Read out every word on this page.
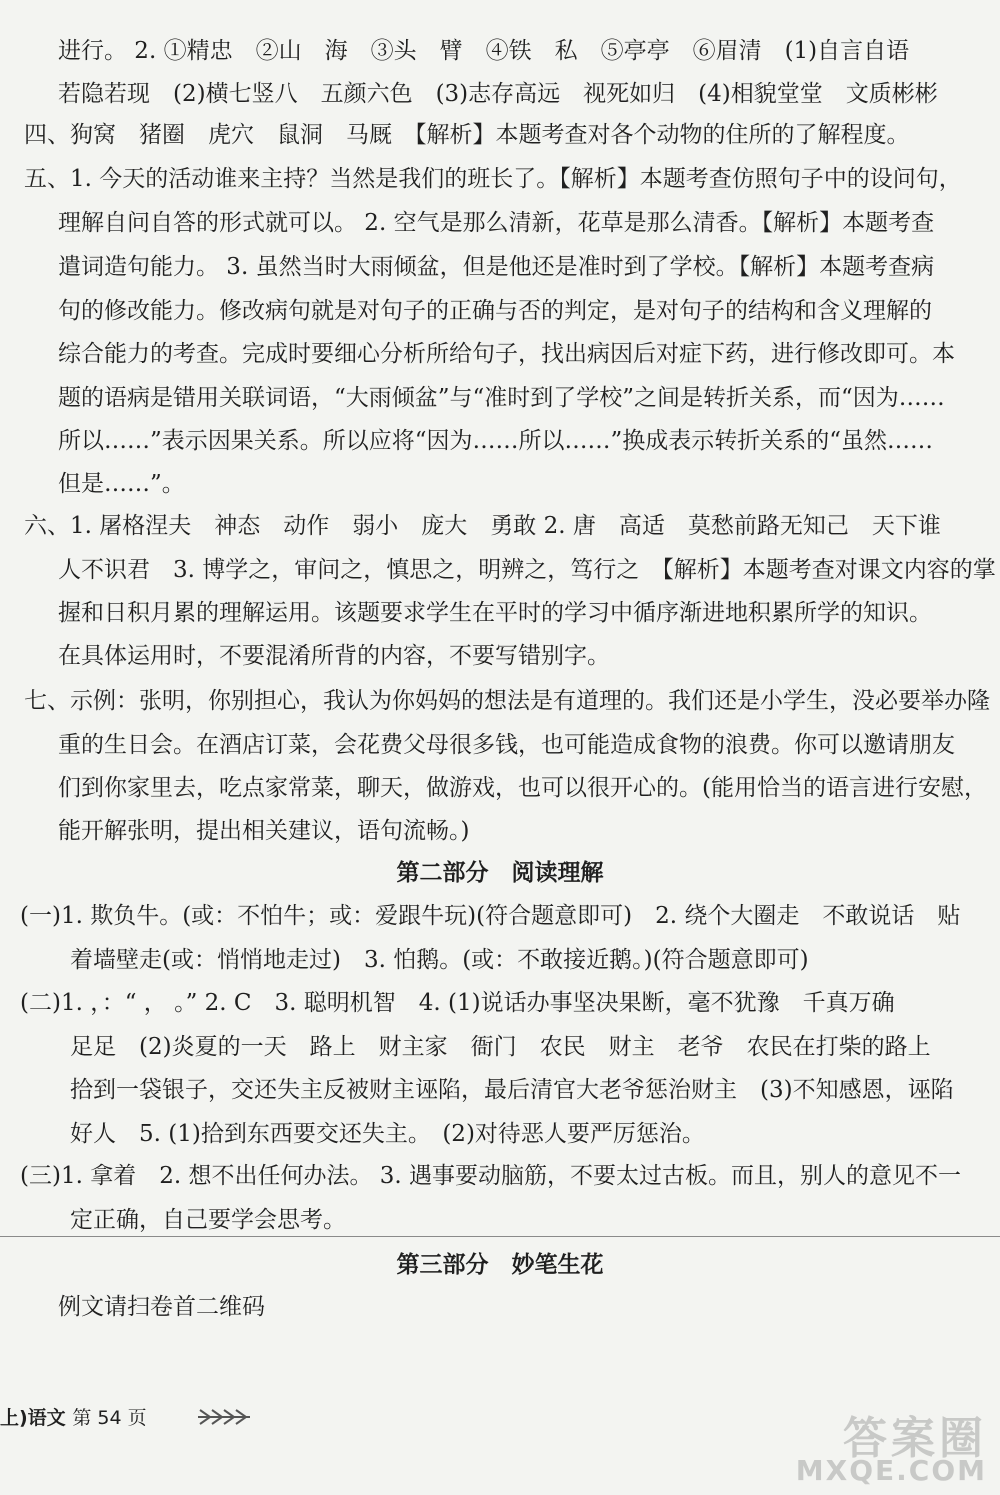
进行。 2. ①精忠　②山　海　③头　臂　④铁　私　⑤亭亭　⑥眉清　(1)自言自语
若隐若现　(2)横七竖八　五颜六色　(3)志存高远　视死如归　(4)相貌堂堂　文质彬彬
四、狗窝　猪圈　虎穴　鼠洞　马厩　【解析】本题考查对各个动物的住所的了解程度。
五、1. 今天的活动谁来主持？当然是我们的班长了。【解析】本题考查仿照句子中的设问句，
理解自问自答的形式就可以。 2. 空气是那么清新，花草是那么清香。【解析】本题考查
遣词造句能力。 3. 虽然当时大雨倾盆，但是他还是准时到了学校。【解析】本题考查病
句的修改能力。修改病句就是对句子的正确与否的判定，是对句子的结构和含义理解的
综合能力的考查。完成时要细心分析所给句子，找出病因后对症下药，进行修改即可。本
题的语病是错用关联词语，“大雨倾盆”与“准时到了学校”之间是转折关系，而“因为……
所以……”表示因果关系。所以应将“因为……所以……”换成表示转折关系的“虽然……
但是……”。
六、1. 屠格涅夫　神态　动作　弱小　庞大　勇敢 2. 唐　高适　莫愁前路无知己　天下谁
人不识君　3. 博学之，审问之，慎思之，明辨之，笃行之　【解析】本题考查对课文内容的掌
握和日积月累的理解运用。该题要求学生在平时的学习中循序渐进地积累所学的知识。
在具体运用时，不要混淆所背的内容，不要写错别字。
七、示例：张明，你别担心，我认为你妈妈的想法是有道理的。我们还是小学生，没必要举办隆
重的生日会。在酒店订菜，会花费父母很多钱，也可能造成食物的浪费。你可以邀请朋友
们到你家里去，吃点家常菜，聊天，做游戏，也可以很开心的。(能用恰当的语言进行安慰，
能开解张明，提出相关建议，语句流畅。)
第二部分　阅读理解
(一)1. 欺负牛。(或：不怕牛；或：爱跟牛玩)(符合题意即可)　2. 绕个大圈走　不敢说话　贴
着墙壁走(或：悄悄地走过)　3. 怕鹅。(或：不敢接近鹅。)(符合题意即可)
(二)1. ，：“ ， 。” 2. C　3. 聪明机智　4. (1)说话办事坚决果断，毫不犹豫　千真万确
足足　(2)炎夏的一天　路上　财主家　衙门　农民　财主　老爷　农民在打柴的路上
拾到一袋银子，交还失主反被财主诬陷，最后清官大老爷惩治财主　(3)不知感恩，诬陷
好人　5. (1)拾到东西要交还失主。　(2)对待恶人要严厉惩治。
(三)1. 拿着　2. 想不出任何办法。 3. 遇事要动脑筋，不要太过古板。而且，别人的意见不一
定正确，自己要学会思考。
第三部分　妙笔生花
例文请扫卷首二维码
上)语文 第 54 页	答案圈
MXQE.COM
